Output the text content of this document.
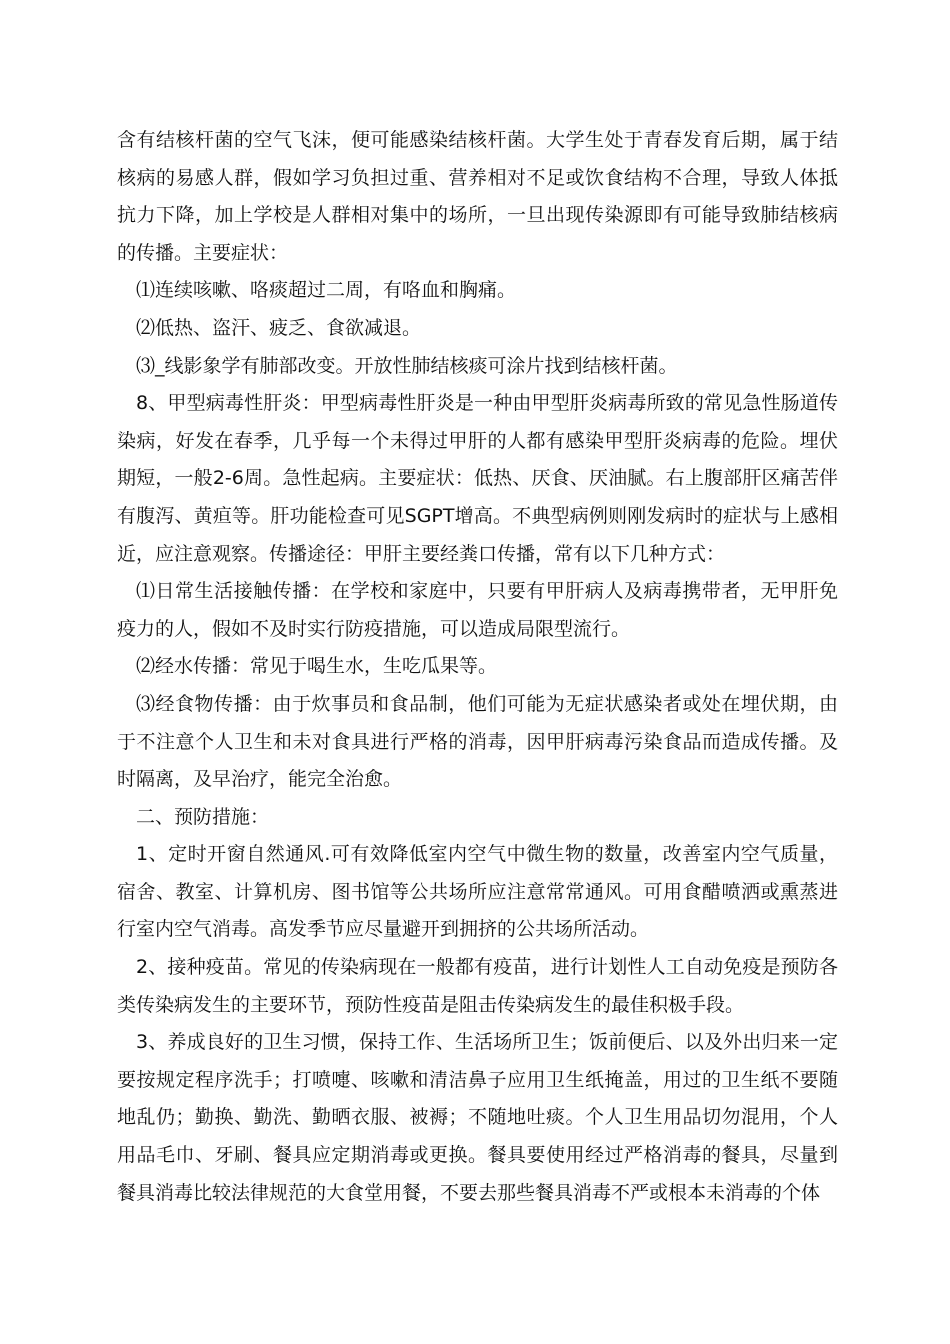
含有结核杆菌的空气飞沫，便可能感染结核杆菌。大学生处于青春发育后期，属于结核病的易感人群，假如学习负担过重、营养相对不足或饮食结构不合理，导致人体抵抗力下降，加上学校是人群相对集中的场所，一旦出现传染源即有可能导致肺结核病的传播。主要症状：

⑴连续咳嗽、咯痰超过二周，有咯血和胸痛。

⑵低热、盗汗、疲乏、食欲减退。

⑶_线影象学有肺部改变。开放性肺结核痰可涂片找到结核杆菌。

8、甲型病毒性肝炎：甲型病毒性肝炎是一种由甲型肝炎病毒所致的常见急性肠道传染病，好发在春季，几乎每一个未得过甲肝的人都有感染甲型肝炎病毒的危险。埋伏期短，一般2-6周。急性起病。主要症状：低热、厌食、厌油腻。右上腹部肝区痛苦伴有腹泻、黄疸等。肝功能检查可见SGPT增高。不典型病例则刚发病时的症状与上感相近，应注意观察。传播途径：甲肝主要经粪口传播，常有以下几种方式：

⑴日常生活接触传播：在学校和家庭中，只要有甲肝病人及病毒携带者，无甲肝免疫力的人，假如不及时实行防疫措施，可以造成局限型流行。

⑵经水传播：常见于喝生水，生吃瓜果等。

⑶经食物传播：由于炊事员和食品制，他们可能为无症状感染者或处在埋伏期，由于不注意个人卫生和未对食具进行严格的消毒，因甲肝病毒污染食品而造成传播。及时隔离，及早治疗，能完全治愈。

二、预防措施：

1、定时开窗自然通风.可有效降低室内空气中微生物的数量，改善室内空气质量，宿舍、教室、计算机房、图书馆等公共场所应注意常常通风。可用食醋喷洒或熏蒸进行室内空气消毒。高发季节应尽量避开到拥挤的公共场所活动。

2、接种疫苗。常见的传染病现在一般都有疫苗，进行计划性人工自动免疫是预防各类传染病发生的主要环节，预防性疫苗是阻击传染病发生的最佳积极手段。

3、养成良好的卫生习惯，保持工作、生活场所卫生；饭前便后、以及外出归来一定要按规定程序洗手；打喷嚏、咳嗽和清洁鼻子应用卫生纸掩盖，用过的卫生纸不要随地乱仍；勤换、勤洗、勤晒衣服、被褥；不随地吐痰。个人卫生用品切勿混用，个人用品毛巾、牙刷、餐具应定期消毒或更换。餐具要使用经过严格消毒的餐具，尽量到餐具消毒比较法律规范的大食堂用餐，不要去那些餐具消毒不严或根本未消毒的个体
